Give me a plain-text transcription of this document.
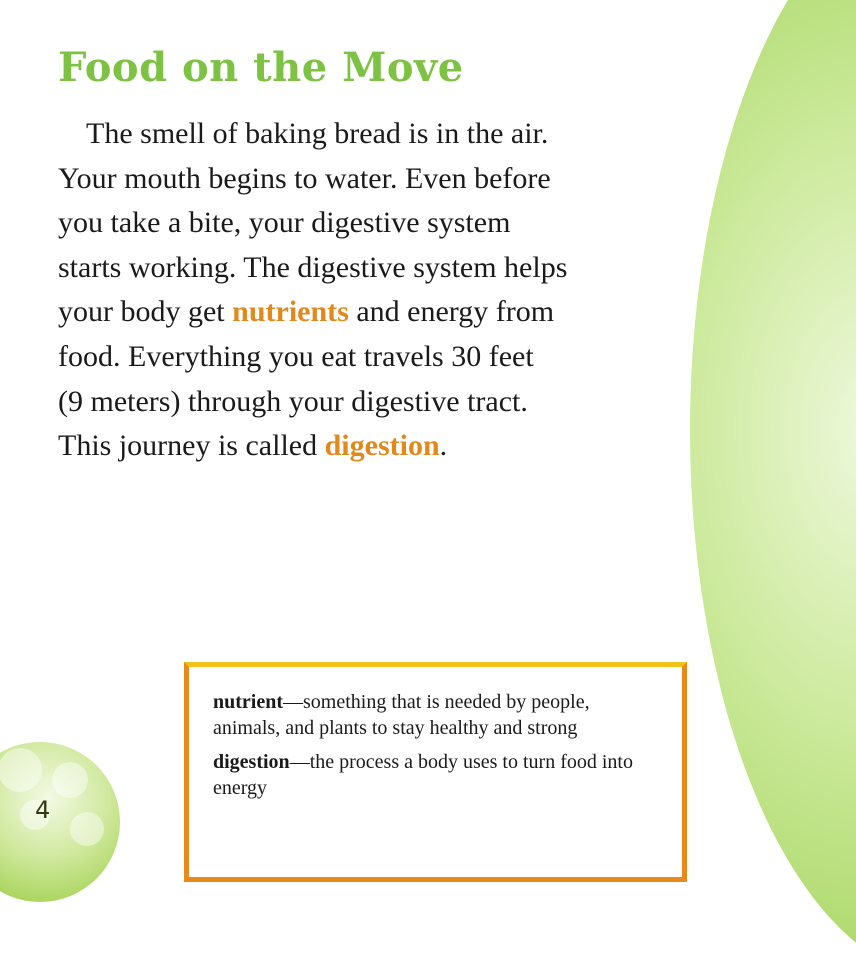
Food on the Move

The smell of baking bread is in the air.
Your mouth begins to water. Even before
you take a bite, your digestive system
starts working. The digestive system helps
your body get nutrients and energy from
food. Everything you eat travels 30 feet
(9 meters) through your digestive tract.
This journey is called digestion.

nutrient—something that is needed by people, animals, and plants to stay healthy and strong

digestion—the process a body uses to turn food into energy

4
